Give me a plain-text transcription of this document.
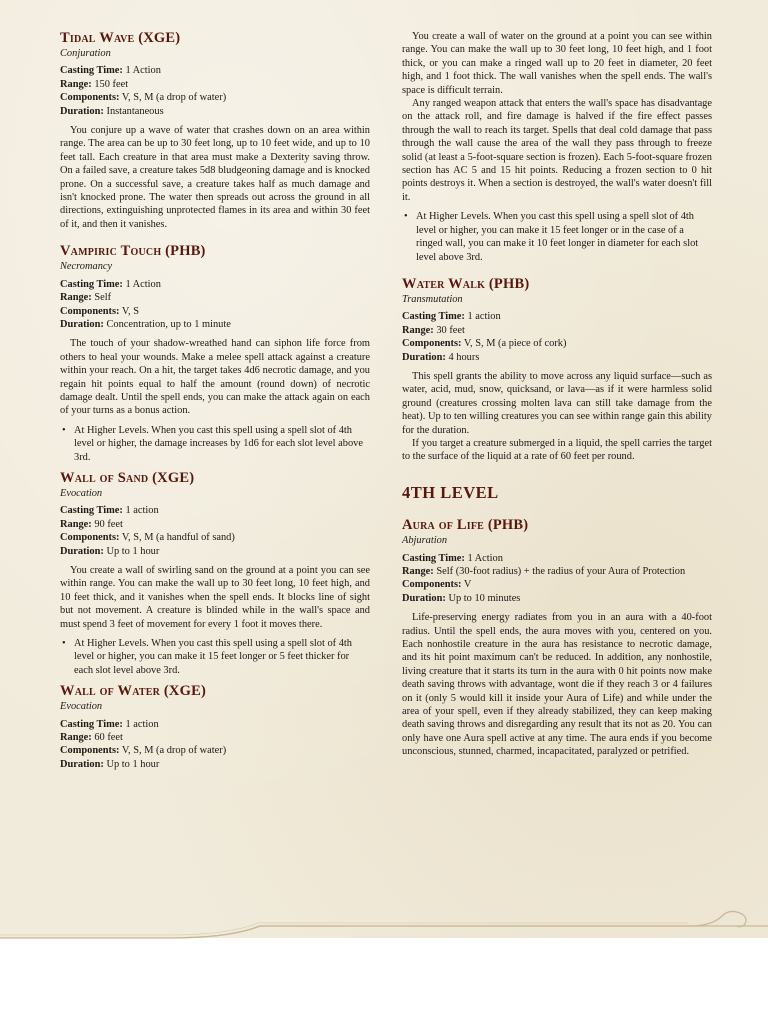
Tidal Wave (XGE)

Conjuration

Casting Time: 1 Action

Range: 150 feet

Components: V, S, M (a drop of water)

Duration: Instantaneous

You conjure up a wave of water that crashes down on an area within range. The area can be up to 30 feet long, up to 10 feet wide, and up to 10 feet tall. Each creature in that area must make a Dexterity saving throw. On a failed save, a creature takes 5d8 bludgeoning damage and is knocked prone. On a successful save, a creature takes half as much damage and isn't knocked prone. The water then spreads out across the ground in all directions, extinguishing unprotected flames in its area and within 30 feet of it, and then it vanishes.

Vampiric Touch (PHB)

Necromancy

Casting Time: 1 Action

Range: Self

Components: V, S

Duration: Concentration, up to 1 minute

The touch of your shadow-wreathed hand can siphon life force from others to heal your wounds. Make a melee spell attack against a creature within your reach. On a hit, the target takes 4d6 necrotic damage, and you regain hit points equal to half the amount (round down) of necrotic damage dealt. Until the spell ends, you can make the attack again on each of your turns as a bonus action.

• At Higher Levels. When you cast this spell using a spell slot of 4th level or higher, the damage increases by 1d6 for each slot level above 3rd.
Wall of Sand (XGE)

Evocation

Casting Time: 1 action

Range: 90 feet

Components: V, S, M (a handful of sand)

Duration: Up to 1 hour

You create a wall of swirling sand on the ground at a point you can see within range. You can make the wall up to 30 feet long, 10 feet high, and 10 feet thick, and it vanishes when the spell ends. It blocks line of sight but not movement. A creature is blinded while in the wall's space and must spend 3 feet of movement for every 1 foot it moves there.

• At Higher Levels. When you cast this spell using a spell slot of 4th level or higher, you can make it 15 feet longer or 5 feet thicker for each slot level above 3rd.
Wall of Water (XGE)

Evocation

Casting Time: 1 action

Range: 60 feet

Components: V, S, M (a drop of water)

Duration: Up to 1 hour

You create a wall of water on the ground at a point you can see within range. You can make the wall up to 30 feet long, 10 feet high, and 1 foot thick, or you can make a ringed wall up to 20 feet in diameter, 20 feet high, and 1 foot thick. The wall vanishes when the spell ends. The wall's space is difficult terrain.

Any ranged weapon attack that enters the wall's space has disadvantage on the attack roll, and fire damage is halved if the fire effect passes through the wall to reach its target. Spells that deal cold damage that pass through the wall cause the area of the wall they pass through to freeze solid (at least a 5-foot-square section is frozen). Each 5-foot-square frozen section has AC 5 and 15 hit points. Reducing a frozen section to 0 hit points destroys it. When a section is destroyed, the wall's water doesn't fill it.

• At Higher Levels. When you cast this spell using a spell slot of 4th level or higher, you can make it 15 feet longer or in the case of a ringed wall, you can make it 10 feet longer in diameter for each slot level above 3rd.
Water Walk (PHB)

Transmutation

Casting Time: 1 action

Range: 30 feet

Components: V, S, M (a piece of cork)

Duration: 4 hours

This spell grants the ability to move across any liquid surface—such as water, acid, mud, snow, quicksand, or lava—as if it were harmless solid ground (creatures crossing molten lava can still take damage from the heat). Up to ten willing creatures you can see within range gain this ability for the duration.

If you target a creature submerged in a liquid, the spell carries the target to the surface of the liquid at a rate of 60 feet per round.

4TH LEVEL
Aura of Life (PHB)

Abjuration

Casting Time: 1 Action

Range: Self (30-foot radius) + the radius of your Aura of Protection

Components: V

Duration: Up to 10 minutes

Life-preserving energy radiates from you in an aura with a 40-foot radius. Until the spell ends, the aura moves with you, centered on you. Each nonhostile creature in the aura has resistance to necrotic damage, and its hit point maximum can't be reduced. In addition, any nonhostile, living creature that it starts its turn in the aura with 0 hit points now make death saving throws with advantage, wont die if they reach 3 or 4 failures on it (only 5 would kill it inside your Aura of Life) and while under the area of your spell, even if they already stabilized, they can keep making death saving throws and disregarding any result that its not as 20. You can only have one Aura spell active at any time. The aura ends if you become unconscious, stunned, charmed, incapacitated, paralyzed or petrified.
